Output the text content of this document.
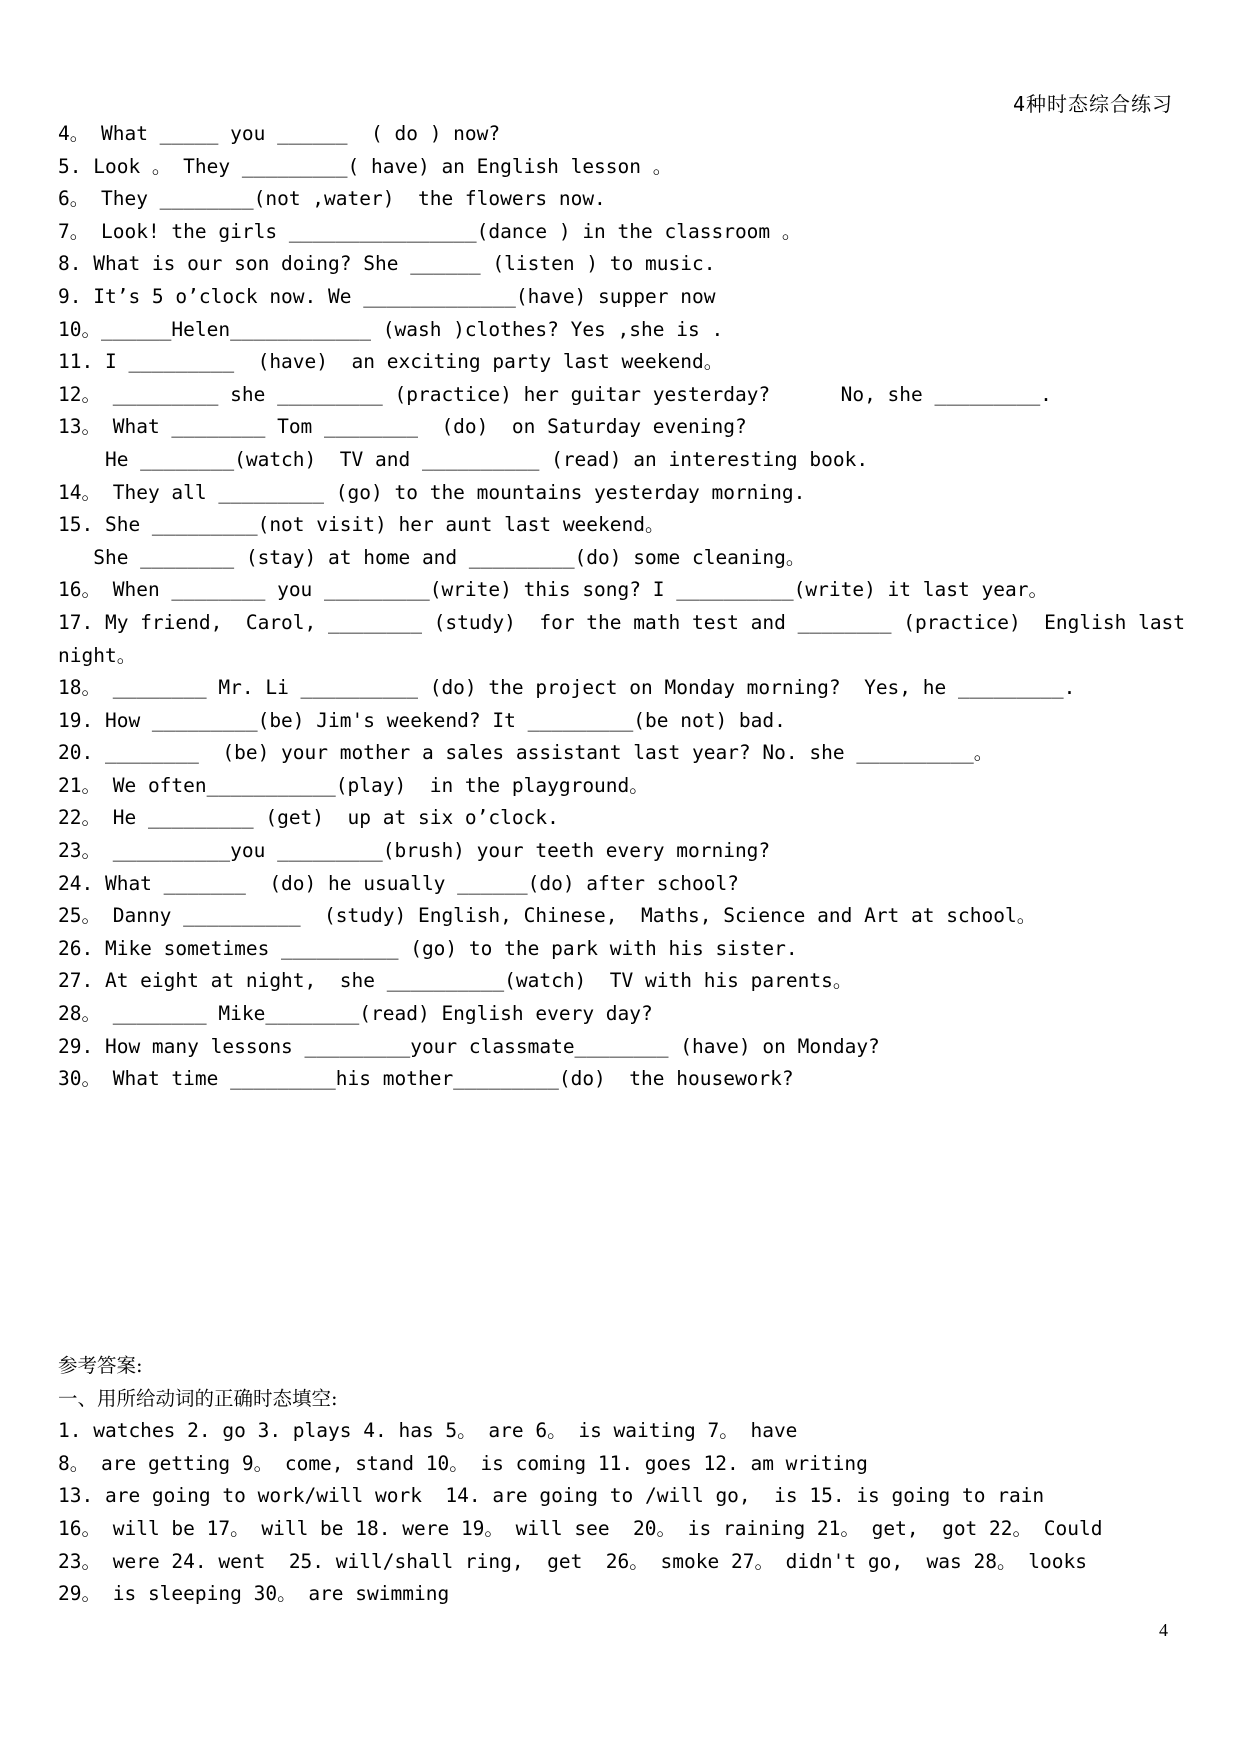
4种时态综合练习
4。 What _____ you ______  ( do ) now?
5. Look 。 They _________( have) an English lesson 。
6。 They ________(not ,water)  the flowers now.
7。 Look! the girls ________________(dance ) in the classroom 。
8. What is our son doing? She ______ (listen ) to music.
9. It’s 5 o’clock now. We _____________(have) supper now
10。______Helen____________ (wash )clothes? Yes ,she is .
11. I _________  (have)  an exciting party last weekend。
12。 _________ she _________ (practice) her guitar yesterday?      No, she _________.
13。 What ________ Tom ________  (do)  on Saturday evening?
He ________(watch)  TV and __________ (read) an interesting book.
14。 They all _________ (go) to the mountains yesterday morning.
15. She _________(not visit) her aunt last weekend。
She ________ (stay) at home and _________(do) some cleaning。
16。 When ________ you _________(write) this song? I __________(write) it last year。
17. My friend,  Carol, ________ (study)  for the math test and ________ (practice)  English last
night。
18。 ________ Mr. Li __________ (do) the project on Monday morning?  Yes, he _________.
19. How _________(be) Jim's weekend? It _________(be not) bad.
20. ________  (be) your mother a sales assistant last year? No. she __________。
21。 We often___________(play)  in the playground。
22。 He _________ (get)  up at six o’clock.
23。 __________you _________(brush) your teeth every morning?
24. What _______  (do) he usually ______(do) after school?
25。 Danny __________  (study) English, Chinese,  Maths, Science and Art at school。
26. Mike sometimes __________ (go) to the park with his sister.
27. At eight at night,  she __________(watch)  TV with his parents。
28。 ________ Mike________(read) English every day?
29. How many lessons _________your classmate________ (have) on Monday?
30。 What time _________his mother_________(do)  the housework?
参考答案:
一、用所给动词的正确时态填空:
1. watches 2. go 3. plays 4. has 5。 are 6。 is waiting 7。 have
8。 are getting 9。 come, stand 10。 is coming 11. goes 12. am writing
13. are going to work/will work  14. are going to /will go,  is 15. is going to rain
16。 will be 17。 will be 18. were 19。 will see  20。 is raining 21。 get,  got 22。 Could
23。 were 24. went  25. will/shall ring,  get  26。 smoke 27。 didn't go,  was 28。 looks
29。 is sleeping 30。 are swimming
4
